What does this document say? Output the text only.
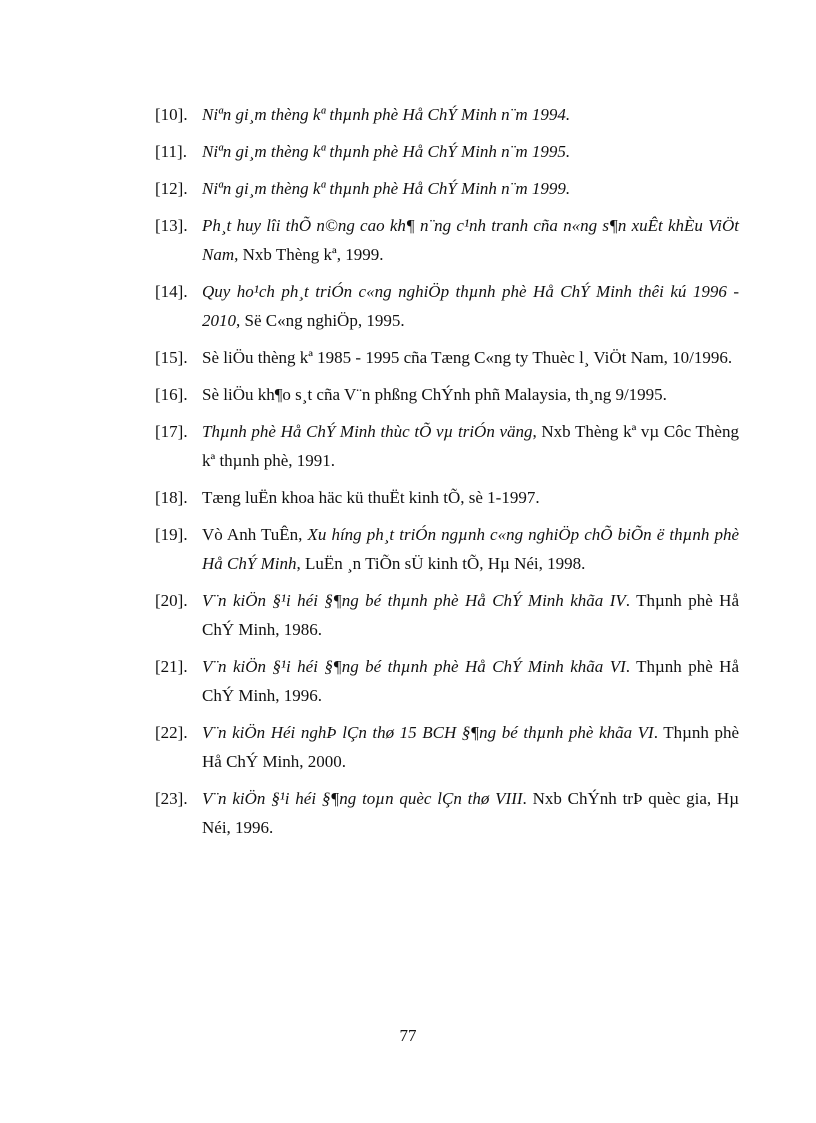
[10]. Niªn gi¸m thèng kª thµnh phè Hå ChÝ Minh n¨m 1994.
[11]. Niªn gi¸m thèng kª thµnh phè Hå ChÝ Minh n¨m 1995.
[12]. Niªn gi¸m thèng kª thµnh phè Hå ChÝ Minh n¨m 1999.
[13]. Ph¸t huy lîi thÕ n©ng cao kh¶ n¨ng c¹nh tranh cña n«ng s¶n xuÊt khÈu ViÖt Nam, Nxb Thèng kª, 1999.
[14]. Quy ho¹ch ph¸t triÓn c«ng nghiÖp thµnh phè Hå ChÝ Minh thêi kú 1996 - 2010, Së C«ng nghiÖp, 1995.
[15]. Sè liÖu thèng kª 1985 - 1995 cña Tæng C«ng ty Thuèc l¸ ViÖt Nam, 10/1996.
[16]. Sè liÖu kh¶o s¸t cña V¨n phßng ChÝnh phñ Malaysia, th¸ng 9/1995.
[17]. Thµnh phè Hå ChÝ Minh thùc tÕ vµ triÓn väng, Nxb Thèng kª vµ Côc Thèng kª thµnh phè, 1991.
[18]. Tæng luËn khoa häc kü thuËt kinh tÕ, sè 1-1997.
[19]. Vò Anh TuÊn, Xu híng ph¸t triÓn ngµnh c«ng nghiÖp chÕ biÕn ë thµnh phè Hå ChÝ Minh, LuËn ¸n TiÕn sÜ kinh tÕ, Hµ Néi, 1998.
[20]. V¨n kiÖn §¹i héi §¶ng bé thµnh phè Hå ChÝ Minh khãa IV. Thµnh phè Hå ChÝ Minh, 1986.
[21]. V¨n kiÖn §¹i héi §¶ng bé thµnh phè Hå ChÝ Minh khãa VI. Thµnh phè Hå ChÝ Minh, 1996.
[22]. V¨n kiÖn Héi nghÞ lÇn thø 15 BCH §¶ng bé thµnh phè khãa VI. Thµnh phè Hå ChÝ Minh, 2000.
[23]. V¨n kiÖn §¹i héi §¶ng toµn quèc lÇn thø VIII. Nxb ChÝnh trÞ quèc gia, Hµ Néi, 1996.
77
